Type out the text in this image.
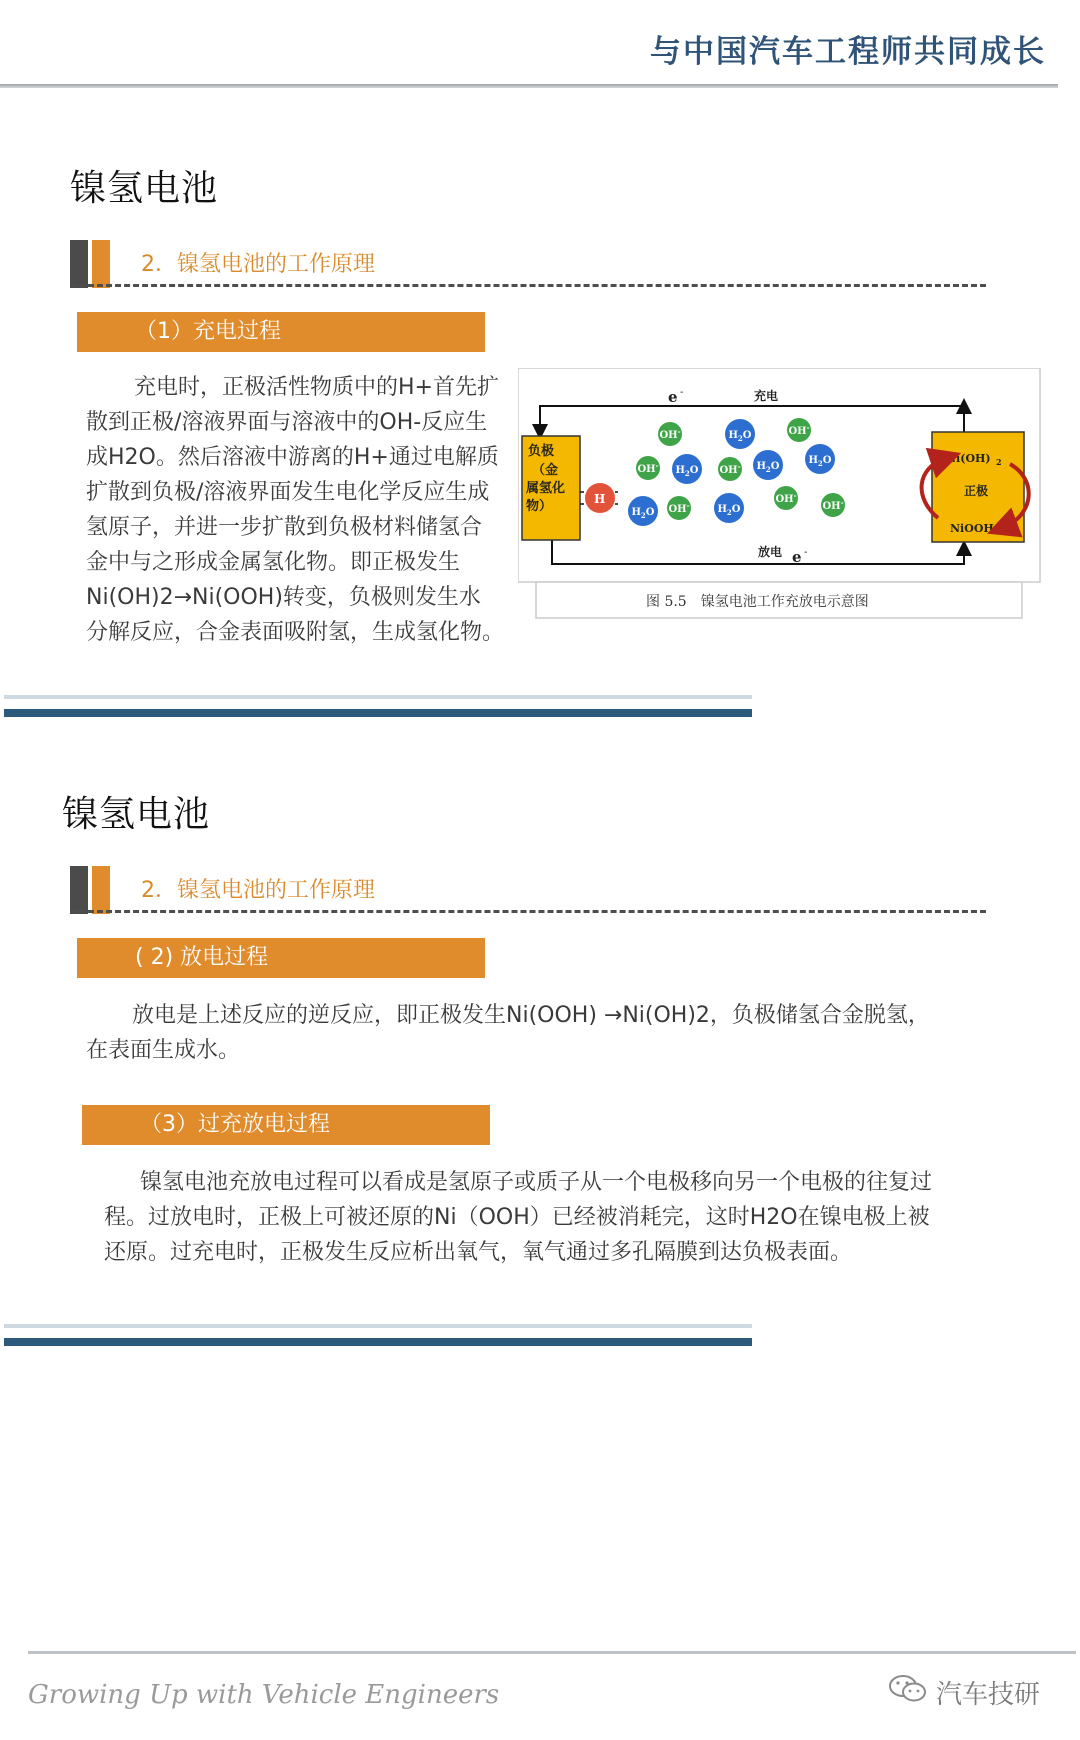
与中国汽车工程师共同成长
镍氢电池
2．镍氢电池的工作原理
（1）充电过程
充电时，正极活性物质中的H+首先扩
散到正极/溶液界面与溶液中的OH-反应生
成H2O。然后溶液中游离的H+通过电解质
扩散到负极/溶液界面发生电化学反应生成
氢原子，并进一步扩散到负极材料储氢合
金中与之形成金属氢化物。即正极发生
Ni(OH)2→Ni(OOH)转变，负极则发生水
分解反应，合金表面吸附氢，生成氢化物。
e -	充电
放电 e -
负极
（金
属氢化
物）	H
Ni(OH) 2
正极
NiOOH
OH-	$H_2O$	OH-
$H_2O$
OH- $H_2O$ OH- $H_2O$
OH-
$H_2O$ OH-	$H_2O$	OH-
图 5.5　镍氢电池工作充放电示意图
镍氢电池
2．镍氢电池的工作原理
( 2) 放电过程
放电是上述反应的逆反应，即正极发生Ni(OOH) →Ni(OH)2，负极储氢合金脱氢，
在表面生成水。
（3）过充放电过程
镍氢电池充放电过程可以看成是氢原子或质子从一个电极移向另一个电极的往复过
程。过放电时，正极上可被还原的Ni（OOH）已经被消耗完，这时H2O在镍电极上被
还原。过充电时，正极发生反应析出氧气，氧气通过多孔隔膜到达负极表面。
Growing Up with Vehicle Engineers	汽车技研
